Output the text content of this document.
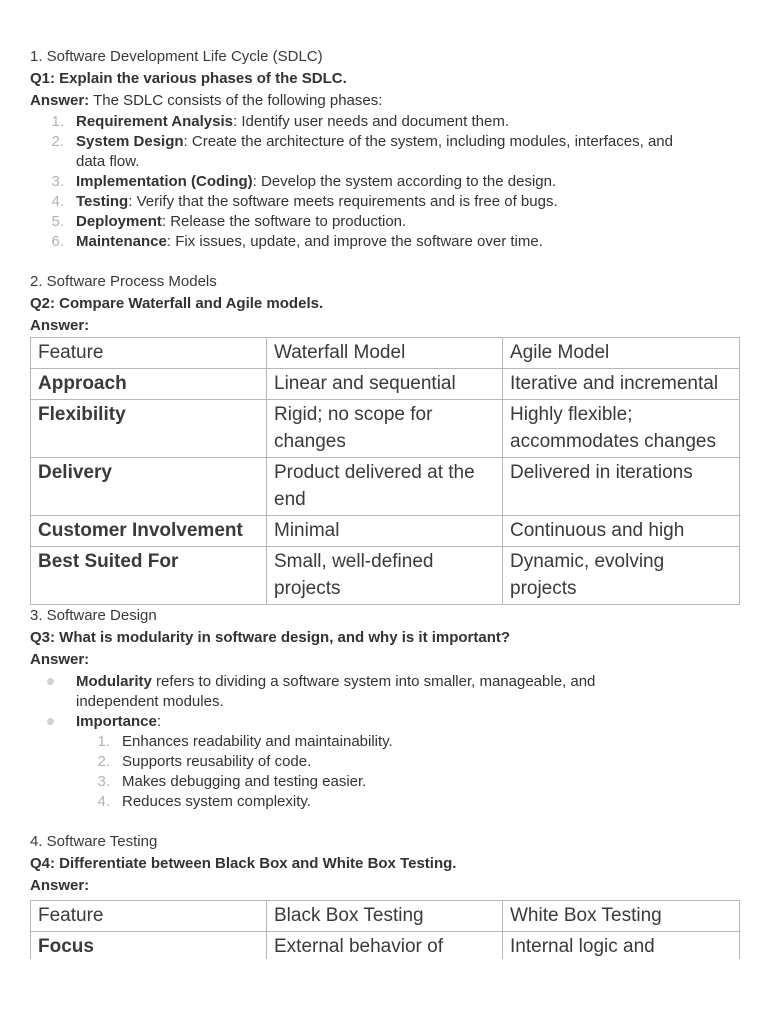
1. Software Development Life Cycle (SDLC)
Q1: Explain the various phases of the SDLC.
Answer: The SDLC consists of the following phases:
1. Requirement Analysis: Identify user needs and document them.
2. System Design: Create the architecture of the system, including modules, interfaces, and
data flow.
3. Implementation (Coding): Develop the system according to the design.
4. Testing: Verify that the software meets requirements and is free of bugs.
5. Deployment: Release the software to production.
6. Maintenance: Fix issues, update, and improve the software over time.
2. Software Process Models
Q2: Compare Waterfall and Agile models.
Answer:
Feature	Waterfall Model	Agile Model
Approach	Linear and sequential	Iterative and incremental
Flexibility	Rigid; no scope for changes	Highly flexible; accommodates changes
Delivery	Product delivered at the end	Delivered in iterations
Customer Involvement	Minimal	Continuous and high
Best Suited For	Small, well-defined projects	Dynamic, evolving projects
3. Software Design
Q3: What is modularity in software design, and why is it important?
Answer:
Modularity refers to dividing a software system into smaller, manageable, and
independent modules.
Importance:
1. Enhances readability and maintainability.
2. Supports reusability of code.
3. Makes debugging and testing easier.
4. Reduces system complexity.
4. Software Testing
Q4: Differentiate between Black Box and White Box Testing.
Answer:
Feature	Black Box Testing	White Box Testing
Focus	External behavior of	Internal logic and
